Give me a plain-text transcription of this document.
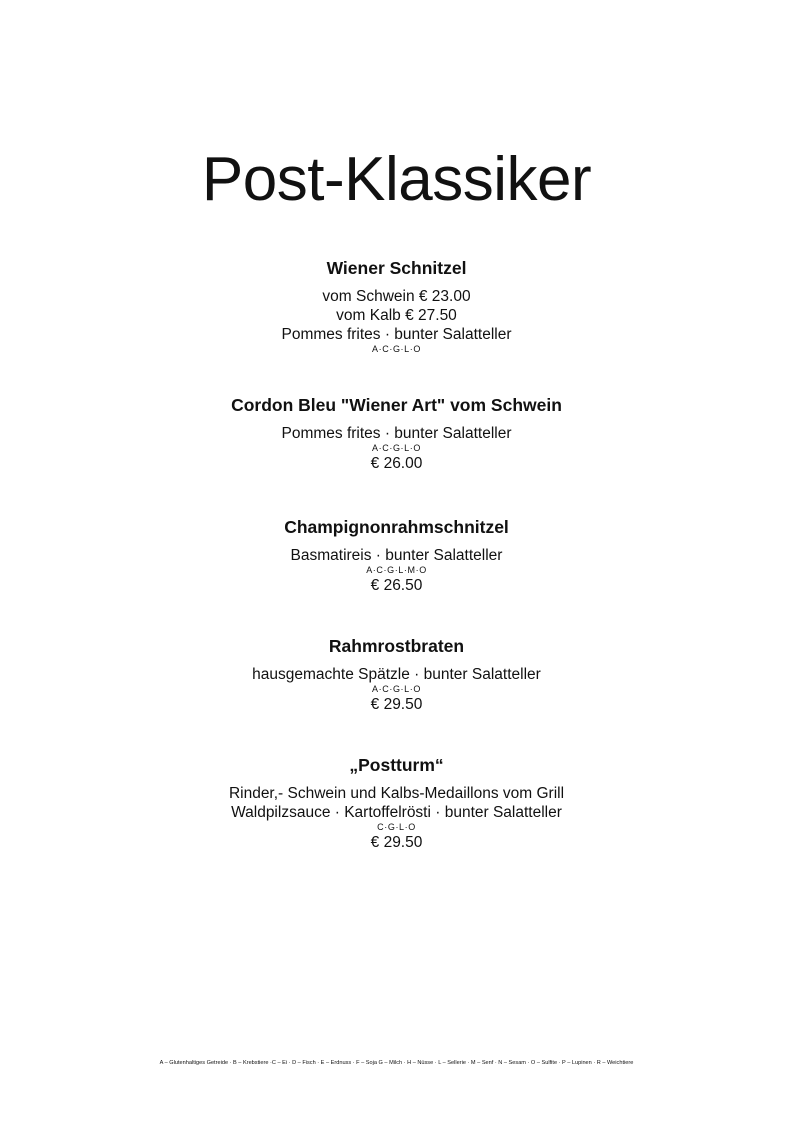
Post-Klassiker
Wiener Schnitzel
vom Schwein € 23.00
vom Kalb € 27.50
Pommes frites · bunter Salatteller
A·C·G·L·O
Cordon Bleu "Wiener Art" vom Schwein
Pommes frites · bunter Salatteller
A·C·G·L·O
€ 26.00
Champignonrahmschnitzel
Basmatireis · bunter Salatteller
A·C·G·L·M·O
€ 26.50
Rahmrostbraten
hausgemachte Spätzle · bunter Salatteller
A·C·G·L·O
€ 29.50
„Postturm“
Rinder,- Schwein und Kalbs-Medaillons vom Grill
Waldpilzsauce · Kartoffelrösti · bunter Salatteller
C·G·L·O
€ 29.50
A – Glutenhaltiges Getreide · B – Krebstiere ·C – Ei · D – Fisch · E – Erdnuss · F – Soja G – Milch · H – Nüsse · L – Sellerie · M – Senf · N – Sesam · O – Sulfite · P – Lupinen · R – Weichtiere
